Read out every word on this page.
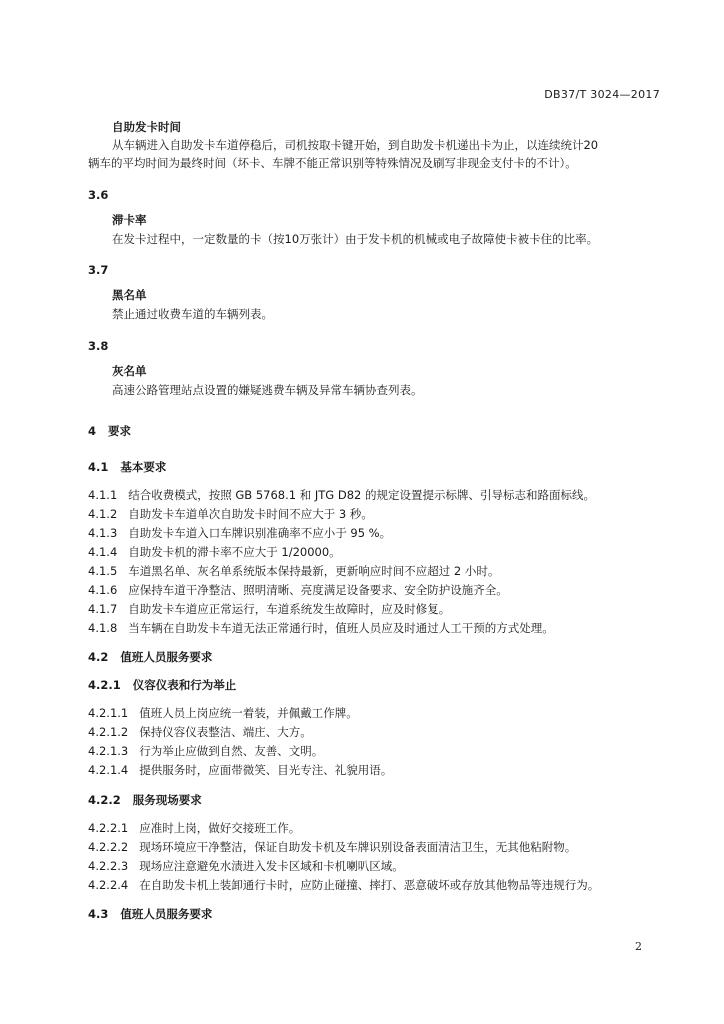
DB37/T 3024—2017
自助发卡时间
从车辆进入自助发卡车道停稳后，司机按取卡键开始，到自助发卡机递出卡为止，以连续统计20
辆车的平均时间为最终时间（坏卡、车牌不能正常识别等特殊情况及刷写非现金支付卡的不计）。
3.6
滞卡率
在发卡过程中，一定数量的卡（按10万张计）由于发卡机的机械或电子故障使卡被卡住的比率。
3.7
黑名单
禁止通过收费车道的车辆列表。
3.8
灰名单
高速公路管理站点设置的嫌疑逃费车辆及异常车辆协查列表。
4   要求
4.1   基本要求
4.1.1   结合收费模式，按照 GB 5768.1 和 JTG D82 的规定设置提示标牌、引导标志和路面标线。
4.1.2   自助发卡车道单次自助发卡时间不应大于 3 秒。
4.1.3   自助发卡车道入口车牌识别准确率不应小于 95 %。
4.1.4   自助发卡机的滞卡率不应大于 1/20000。
4.1.5   车道黑名单、灰名单系统版本保持最新，更新响应时间不应超过 2 小时。
4.1.6   应保持车道干净整洁、照明清晰、亮度满足设备要求、安全防护设施齐全。
4.1.7   自助发卡车道应正常运行，车道系统发生故障时，应及时修复。
4.1.8   当车辆在自助发卡车道无法正常通行时，值班人员应及时通过人工干预的方式处理。
4.2   值班人员服务要求
4.2.1   仪容仪表和行为举止
4.2.1.1   值班人员上岗应统一着装，并佩戴工作牌。
4.2.1.2   保持仪容仪表整洁、端庄、大方。
4.2.1.3   行为举止应做到自然、友善、文明。
4.2.1.4   提供服务时，应面带微笑、目光专注、礼貌用语。
4.2.2   服务现场要求
4.2.2.1   应准时上岗，做好交接班工作。
4.2.2.2   现场环境应干净整洁，保证自助发卡机及车牌识别设备表面清洁卫生，无其他粘附物。
4.2.2.3   现场应注意避免水渍进入发卡区域和卡机喇叭区域。
4.2.2.4   在自助发卡机上装卸通行卡时，应防止碰撞、摔打、恶意破坏或存放其他物品等违规行为。
4.3   值班人员服务要求
2
